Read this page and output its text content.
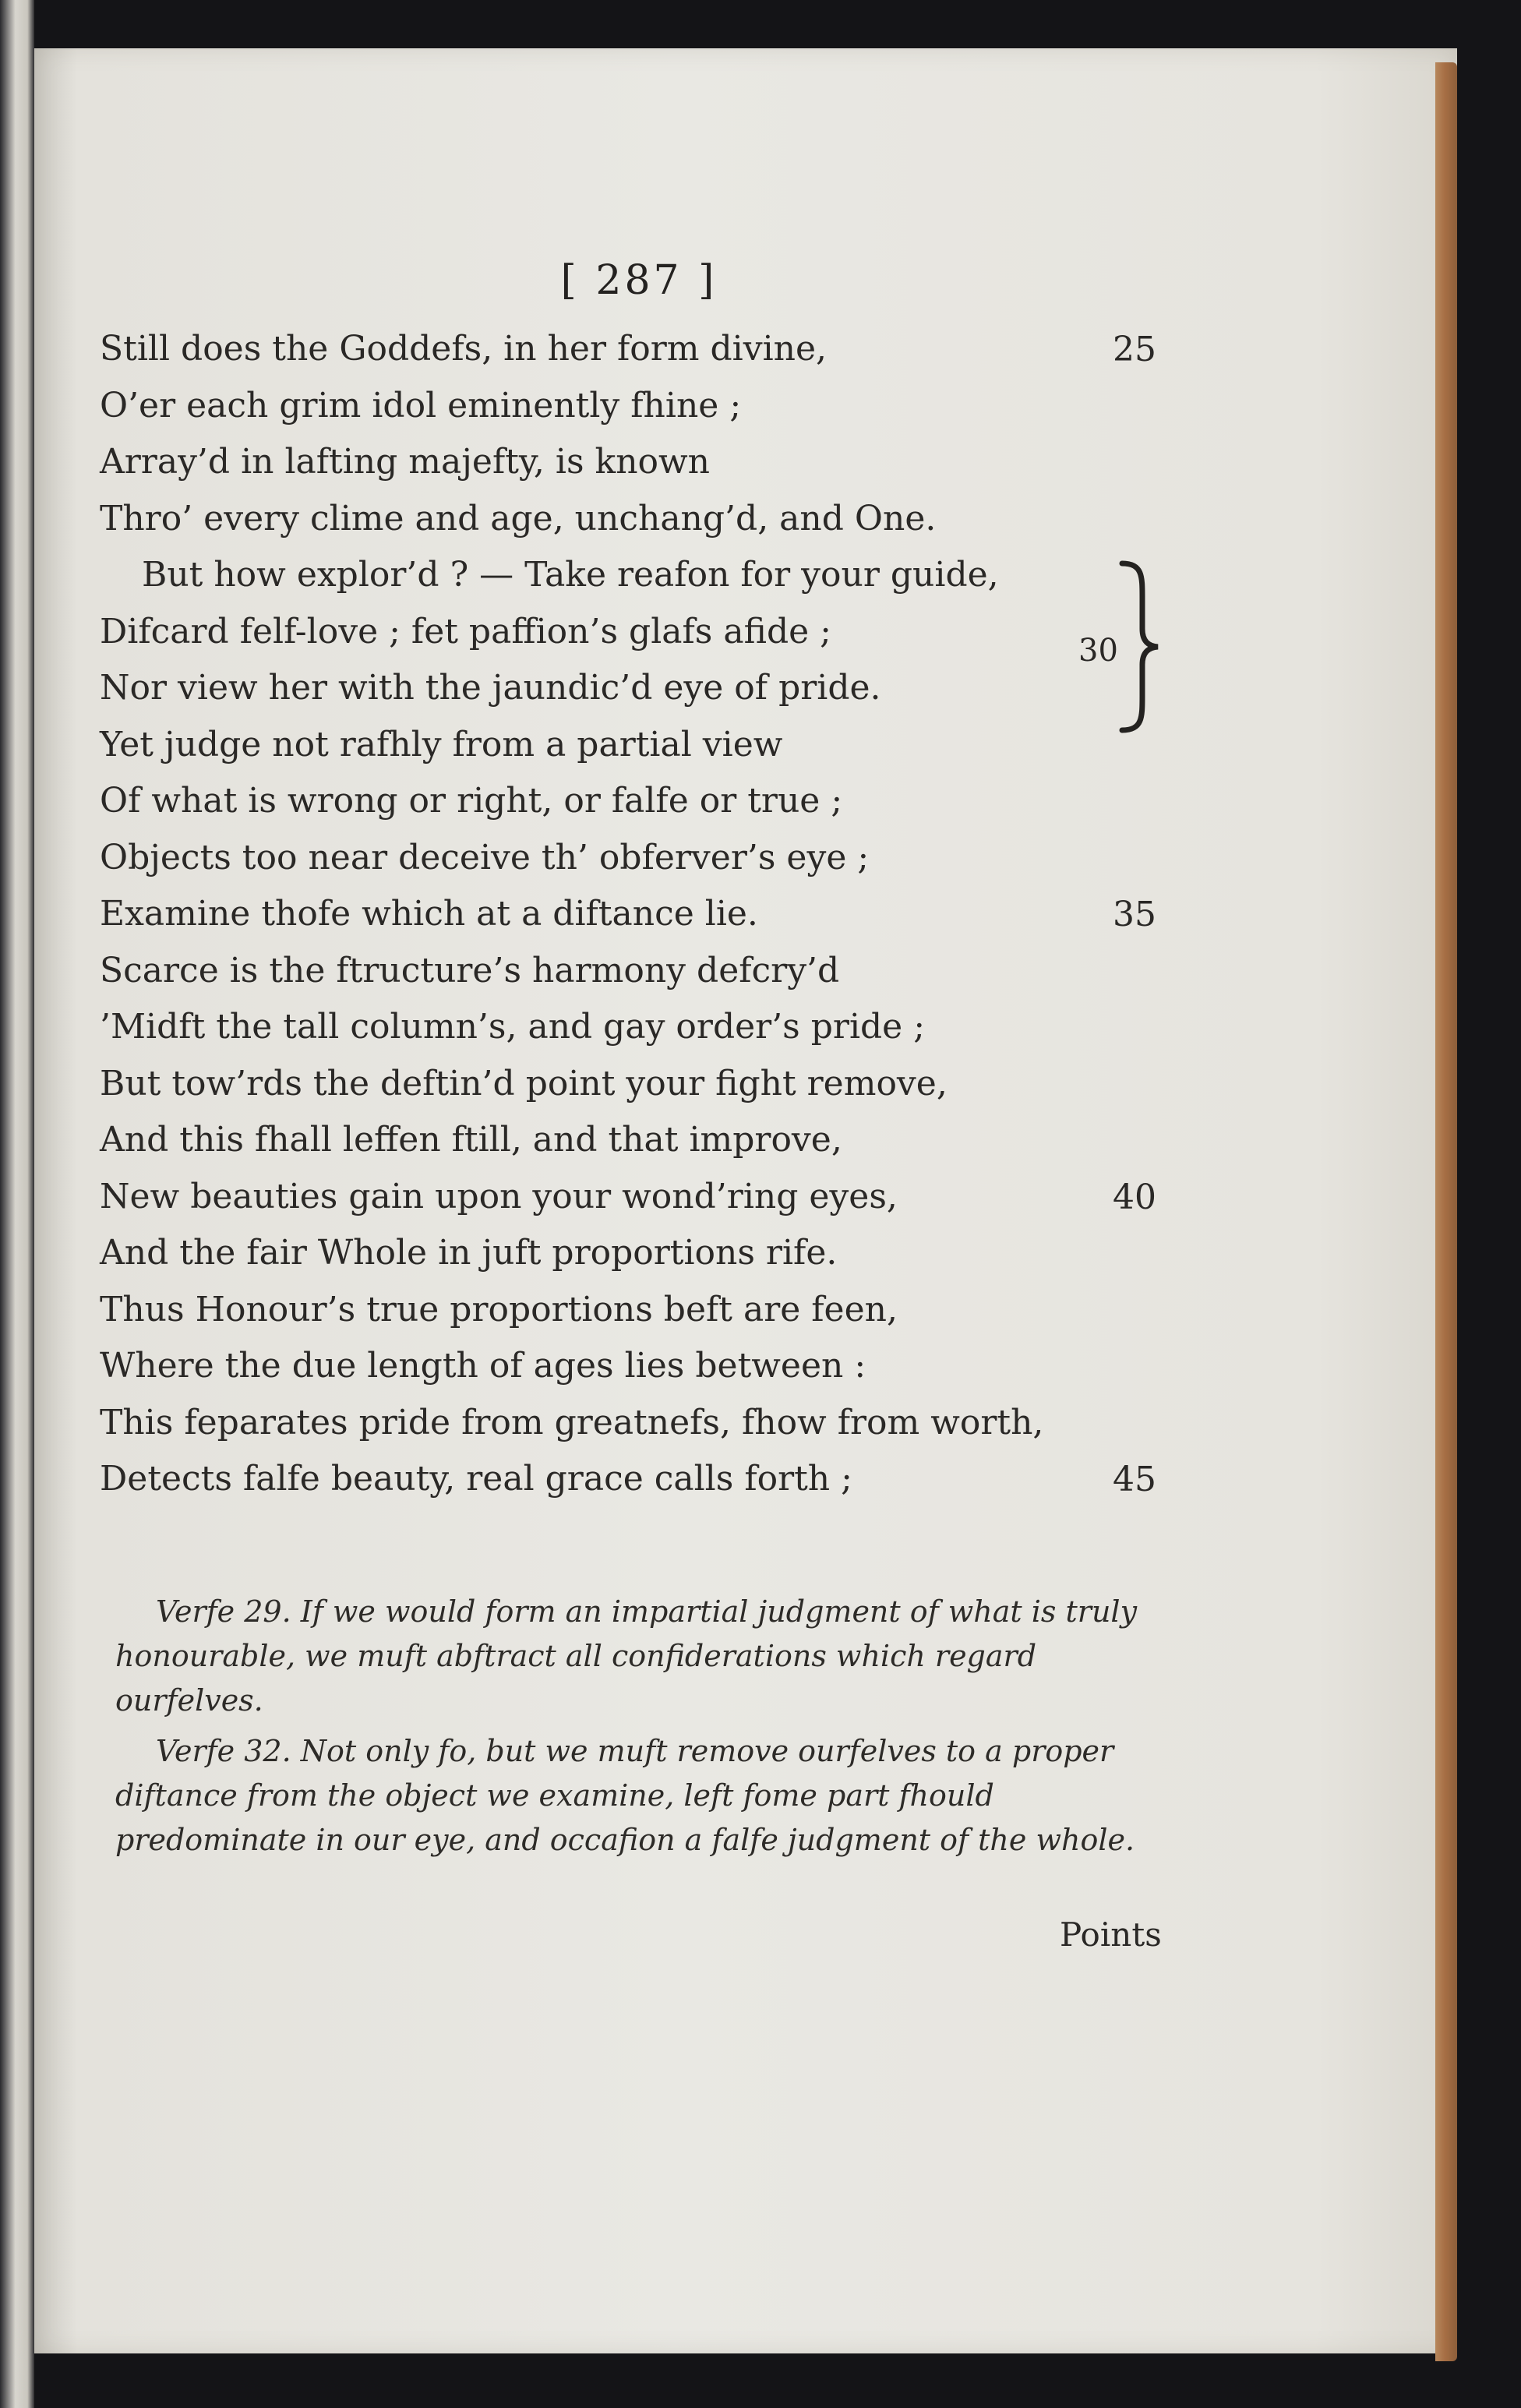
[ 287 ]
Still does the Goddefs, in her form divine,
O’er each grim idol eminently fhine ;
Array’d in lafting majefty, is known
Thro’ every clime and age, unchang’d, and One.
But how explor’d ? — Take reafon for your guide,
Difcard felf-love ; fet paffion’s glafs afide ;
Nor view her with the jaundic’d eye of pride.
Yet judge not rafhly from a partial view
Of what is wrong or right, or falfe or true ;
Objects too near deceive th’ obferver’s eye ;
Examine thofe which at a diftance lie.
Scarce is the ftructure’s harmony defcry’d
’Midft the tall column’s, and gay order’s pride ;
But tow’rds the deftin’d point your fight remove,
And this fhall leffen ftill, and that improve,
New beauties gain upon your wond’ring eyes,
And the fair Whole in juft proportions rife.
Thus Honour’s true proportions beft are feen,
Where the due length of ages lies between :
This feparates pride from greatnefs, fhow from worth,
Detects falfe beauty, real grace calls forth ;
25
35
40
45
30

Verfe 29. If we would form an impartial judgment of what is truly honourable, we muft abftract all confiderations which regard ourfelves.

Verfe 32. Not only fo, but we muft remove ourfelves to a proper diftance from the object we examine, left fome part fhould predominate in our eye, and occafion a falfe judgment of the whole.

Points
